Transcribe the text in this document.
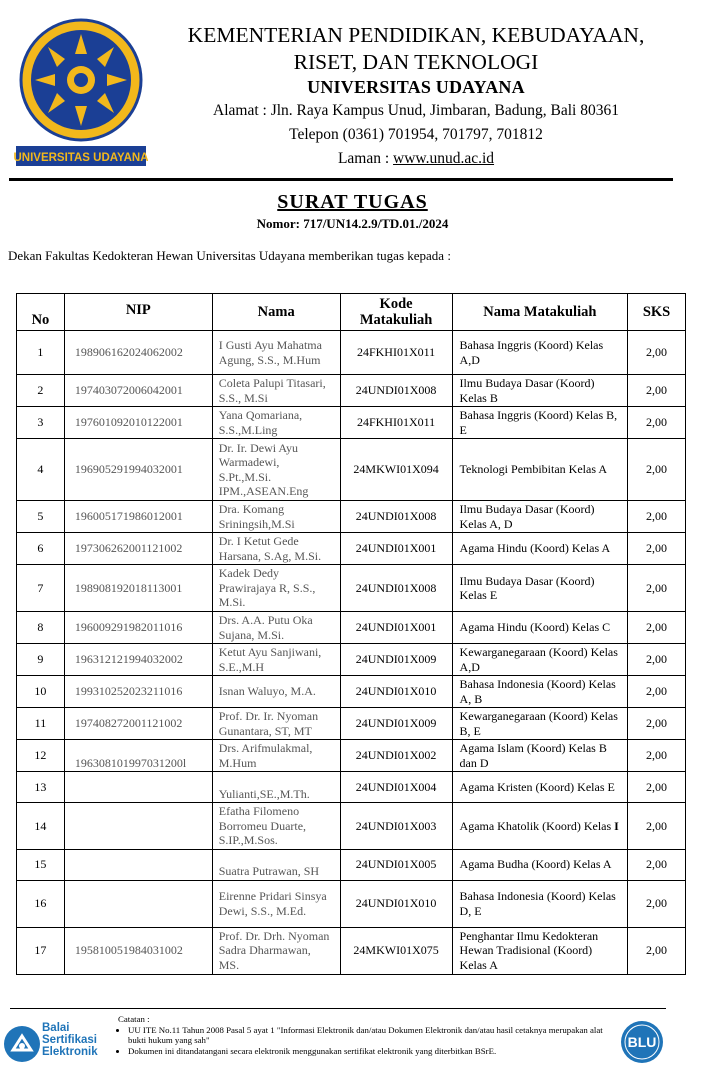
UNIVERSITAS UDAYANA
KEMENTERIAN PENDIDIKAN, KEBUDAYAAN,
RISET, DAN TEKNOLOGI
UNIVERSITAS UDAYANA
Alamat : Jln. Raya Kampus Unud, Jimbaran, Badung, Bali 80361
Telepon (0361) 701954, 701797, 701812
Laman : www.unud.ac.id
SURAT TUGAS
Nomor: 717/UN14.2.9/TD.01./2024
Dekan Fakultas Kedokteran Hewan Universitas Udayana memberikan tugas kepada :
No	NIP	Nama	Kode Matakuliah	Nama Matakuliah	SKS
1	198906162024062002	I Gusti Ayu Mahatma Agung, S.S., M.Hum	24FKHI01X011	Bahasa Inggris (Koord) Kelas A,D	2,00
2	197403072006042001	Coleta Palupi Titasari, S.S., M.Si	24UNDI01X008	Ilmu Budaya Dasar (Koord) Kelas B	2,00
3	197601092010122001	Yana Qomariana, S.S.,M.Ling	24FKHI01X011	Bahasa Inggris (Koord) Kelas B, E	2,00
4	196905291994032001	Dr. Ir. Dewi Ayu Warmadewi, S.Pt.,M.Si. IPM.,ASEAN.Eng	24MKWI01X094	Teknologi Pembibitan Kelas A	2,00
5	196005171986012001	Dra. Komang Sriningsih,M.Si	24UNDI01X008	Ilmu Budaya Dasar (Koord) Kelas A, D	2,00
6	197306262001121002	Dr. I Ketut Gede Harsana, S.Ag, M.Si.	24UNDI01X001	Agama Hindu (Koord) Kelas A	2,00
7	198908192018113001	Kadek Dedy Prawirajaya R, S.S., M.Si.	24UNDI01X008	Ilmu Budaya Dasar (Koord) Kelas E	2,00
8	196009291982011016	Drs. A.A. Putu Oka Sujana, M.Si.	24UNDI01X001	Agama Hindu (Koord) Kelas C	2,00
9	196312121994032002	Ketut Ayu Sanjiwani, S.E.,M.H	24UNDI01X009	Kewarganegaraan (Koord) Kelas A,D	2,00
10	199310252023211016	Isnan Waluyo, M.A.	24UNDI01X010	Bahasa Indonesia (Koord) Kelas A, B	2,00
11	197408272001121002	Prof. Dr. Ir. Nyoman Gunantara, ST, MT	24UNDI01X009	Kewarganegaraan (Koord) Kelas B, E	2,00
12	196308101997031200l	Drs. Arifmulakmal, M.Hum	24UNDI01X002	Agama Islam (Koord) Kelas B dan D	2,00
13		Yulianti,SE.,M.Th.	24UNDI01X004	Agama Kristen (Koord) Kelas E	2,00
14		Efatha Filomeno Borromeu Duarte, S.IP.,M.Sos.	24UNDI01X003	Agama Khatolik (Koord) Kelas I	2,00
15		Suatra Putrawan, SH	24UNDI01X005	Agama Budha (Koord) Kelas A	2,00
16		Eirenne Pridari Sinsya Dewi, S.S., M.Ed.	24UNDI01X010	Bahasa Indonesia (Koord) Kelas D, E	2,00
17	195810051984031002	Prof. Dr. Drh. Nyoman Sadra Dharmawan, MS.	24MKWI01X075	Penghantar Ilmu Kedokteran Hewan Tradisional (Koord) Kelas A	2,00
Balai
Sertifikasi
Elektronik
Catatan :
• UU ITE No.11 Tahun 2008 Pasal 5 ayat 1 "Informasi Elektronik dan/atau Dokumen Elektronik dan/atau hasil cetaknya merupakan alat bukti hukum yang sah"
• Dokumen ini ditandatangani secara elektronik menggunakan sertifikat elektronik yang diterbitkan BSrE.
BLU
